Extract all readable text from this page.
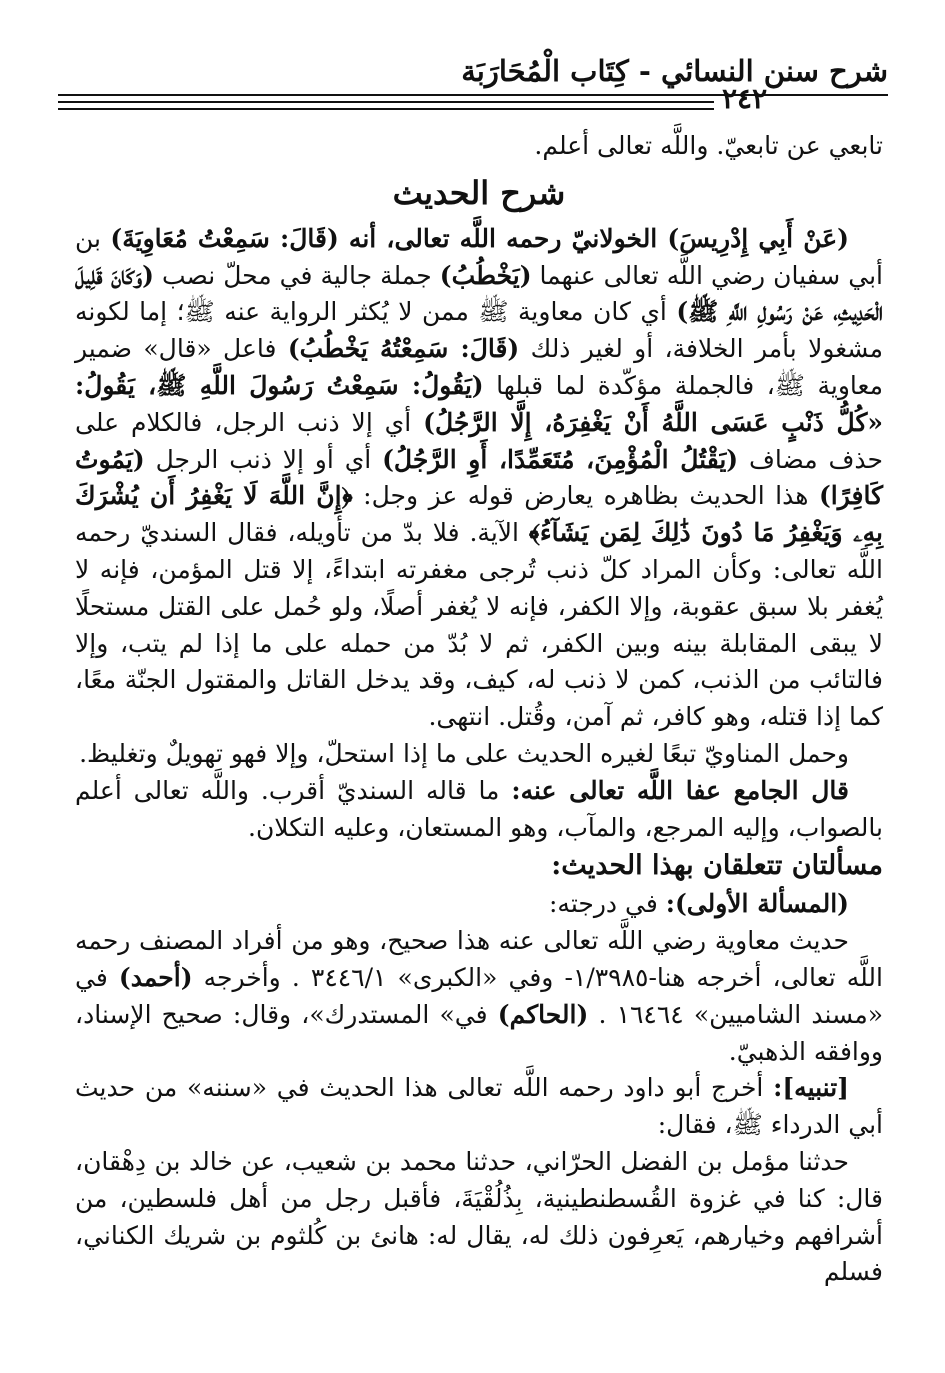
شرح سنن النسائي - كِتَاب الْمُحَارَبَة
٢٤٢

تابعي عن تابعيّ. واللَّه تعالى أعلم.

شرح الحديث

(عَنْ أَبِي إِدْرِيسَ) الخولانيّ رحمه اللَّه تعالى، أنه (قَالَ: سَمِعْتُ مُعَاوِيَةَ) بن أبي سفيان رضي اللَّه تعالى عنهما (يَخْطُبُ) جملة جالية في محلّ نصب (وَكَانَ قَلِيلَ الْحَدِيثِ، عَنْ رَسُولِ اللَّهِ ﷺ) أي كان معاوية ﷺ ممن لا يُكثر الرواية عنه ﷺ؛ إما لكونه مشغولا بأمر الخلافة، أو لغير ذلك (قَالَ: سَمِعْتُهُ يَخْطُبُ) فاعل «قال» ضمير معاوية ﷺ، فالجملة مؤكّدة لما قبلها (يَقُولُ: سَمِعْتُ رَسُولَ اللَّهِ ﷺ، يَقُولُ: «كُلُّ ذَنْبٍ عَسَى اللَّهُ أَنْ يَغْفِرَهُ، إِلَّا الرَّجُلُ) أي إلا ذنب الرجل، فالكلام على حذف مضاف (يَقْتُلُ الْمُؤْمِنَ، مُتَعَمِّدًا، أَوِ الرَّجُلُ) أي أو إلا ذنب الرجل (يَمُوتُ كَافِرًا) هذا الحديث بظاهره يعارض قوله عز وجل: ﴿إِنَّ اللَّهَ لَا يَغْفِرُ أَن يُشْرَكَ بِهِۦ وَيَغْفِرُ مَا دُونَ ذَٰلِكَ لِمَن يَشَآءُ﴾ الآية. فلا بدّ من تأويله، فقال السنديّ رحمه اللَّه تعالى: وكأن المراد كلّ ذنب تُرجى مغفرته ابتداءً، إلا قتل المؤمن، فإنه لا يُغفر بلا سبق عقوبة، وإلا الكفر، فإنه لا يُغفر أصلًا، ولو حُمل على القتل مستحلًا لا يبقى المقابلة بينه وبين الكفر، ثم لا بُدّ من حمله على ما إذا لم يتب، وإلا فالتائب من الذنب، كمن لا ذنب له، كيف، وقد يدخل القاتل والمقتول الجنّة معًا، كما إذا قتله، وهو كافر، ثم آمن، وقُتل. انتهى.

وحمل المناويّ تبعًا لغيره الحديث على ما إذا استحلّ، وإلا فهو تهويلٌ وتغليظ.

قال الجامع عفا اللَّه تعالى عنه: ما قاله السنديّ أقرب. واللَّه تعالى أعلم بالصواب، وإليه المرجع، والمآب، وهو المستعان، وعليه التكلان.

مسألتان تتعلقان بهذا الحديث:

(المسألة الأولى): في درجته:

حديث معاوية رضي اللَّه تعالى عنه هذا صحيح، وهو من أفراد المصنف رحمه اللَّه تعالى، أخرجه هنا-١/٣٩٨٥- وفي «الكبرى» ٣٤٤٦/١ . وأخرجه (أحمد) في «مسند الشاميين» ١٦٤٦٤ . (الحاكم) في» المستدرك»، وقال: صحيح الإسناد، ووافقه الذهبيّ.

[تنبيه]: أخرج أبو داود رحمه اللَّه تعالى هذا الحديث في «سننه» من حديث أبي الدرداء ﷺ، فقال:

حدثنا مؤمل بن الفضل الحرّاني، حدثنا محمد بن شعيب، عن خالد بن دِهْقان، قال: كنا في غزوة القُسطنطينية، بِذُلُقْيَةَ، فأقبل رجل من أهل فلسطين، من أشرافهم وخيارهم، يَعرِفون ذلك له، يقال له: هانئ بن كُلثوم بن شريك الكناني، فسلم
